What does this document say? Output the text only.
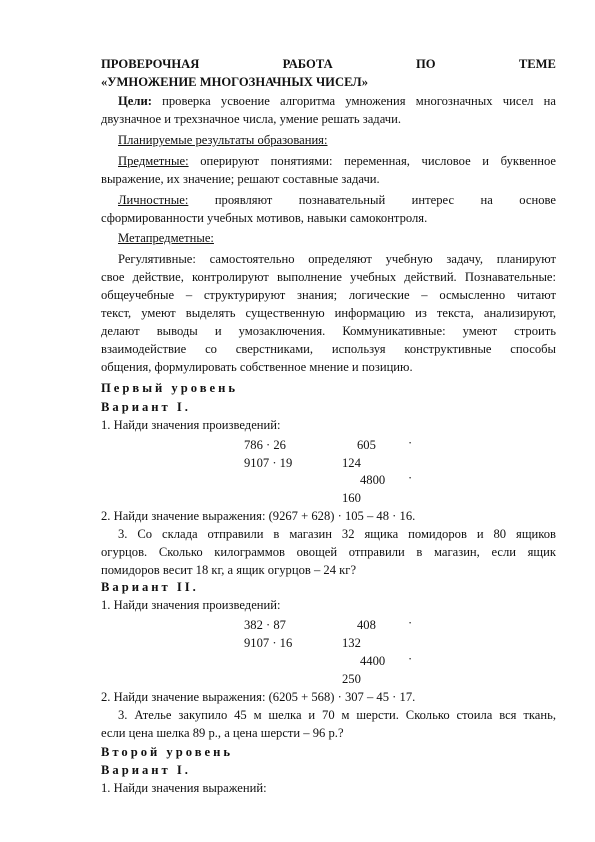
ПРОВЕРОЧНАЯ	РАБОТА	ПО	ТЕМЕ
«УМНОЖЕНИЕ МНОГОЗНАЧНЫХ ЧИСЕЛ»
Цели: проверка усвоение алгоритма умножения многозначных чисел на
двузначное и трехзначное числа, умение решать задачи.
Планируемые результаты образования:
Предметные: оперируют понятиями: переменная, числовое и буквенное
выражение, их значение; решают составные задачи.
Личностные: проявляют познавательный интерес на основе
сформированности учебных мотивов, навыки самоконтроля.
Метапредметные:
Регулятивные: самостоятельно определяют учебную задачу, планируют
свое действие, контролируют выполнение учебных действий. Познавательные:
общеучебные – структурируют знания; логические – осмысленно читают
текст, умеют выделять существенную информацию из текста, анализируют,
делают выводы и умозаключения. Коммуникативные: умеют строить
взаимодействие со сверстниками, используя конструктивные способы
общения, формулировать собственное мнение и позицию.
Первый уровень
Вариант I.
1. Найди значения произведений:
786 · 26	605	·
9107 · 19	124
4800 ·
160
2. Найди значение выражения: (9267 + 628) · 105 – 48 · 16.
3. Со склада отправили в магазин 32 ящика помидоров и 80 ящиков
огурцов. Сколько килограммов овощей отправили в магазин, если ящик
помидоров весит 18 кг, а ящик огурцов – 24 кг?
Вариант II.
1. Найди значения произведений:
382 · 87	408	·
9107 · 16	132
4400 ·
250
2. Найди значение выражения: (6205 + 568) · 307 – 45 · 17.
3. Ателье закупило 45 м шелка и 70 м шерсти. Сколько стоила вся ткань,
если цена шелка 89 р., а цена шерсти – 96 р.?
Второй уровень
Вариант I.
1. Найди значения выражений:
